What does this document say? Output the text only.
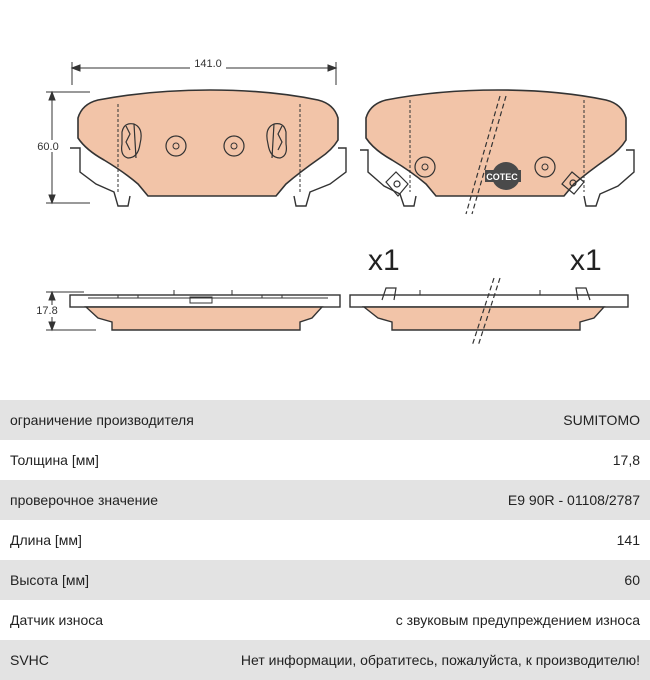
141.0
60.0
COTEC
x1	x1
17.8
ограничение производителя	SUMITOMO
Толщина [мм]	17,8
проверочное значение	E9 90R - 01108/2787
Длина [мм]	141
Высота [мм]	60
Датчик износа	с звуковым предупреждением износа
SVHC	Нет информации, обратитесь, пожалуйста, к производителю!
